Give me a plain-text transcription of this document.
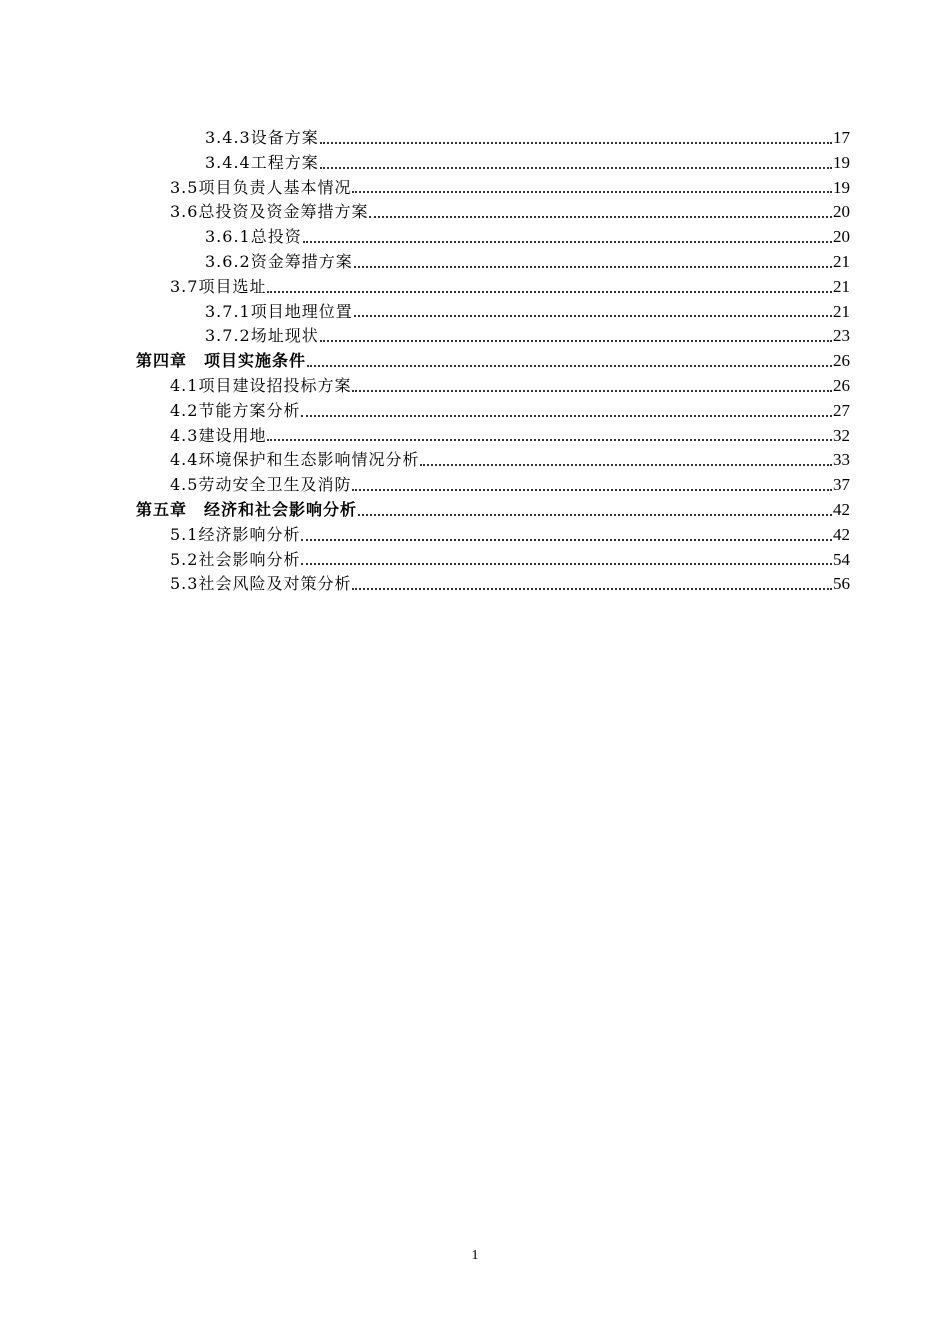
3.4.3设备方案	17
3.4.4工程方案	19
3.5项目负责人基本情况	19
3.6总投资及资金筹措方案	20
3.6.1总投资	20
3.6.2资金筹措方案	21
3.7项目选址	21
3.7.1项目地理位置	21
3.7.2场址现状	23
第四章　项目实施条件	26
4.1项目建设招投标方案	26
4.2节能方案分析	27
4.3建设用地	32
4.4环境保护和生态影响情况分析	33
4.5劳动安全卫生及消防	37
第五章　经济和社会影响分析	42
5.1经济影响分析	42
5.2社会影响分析	54
5.3社会风险及对策分析	56
1
